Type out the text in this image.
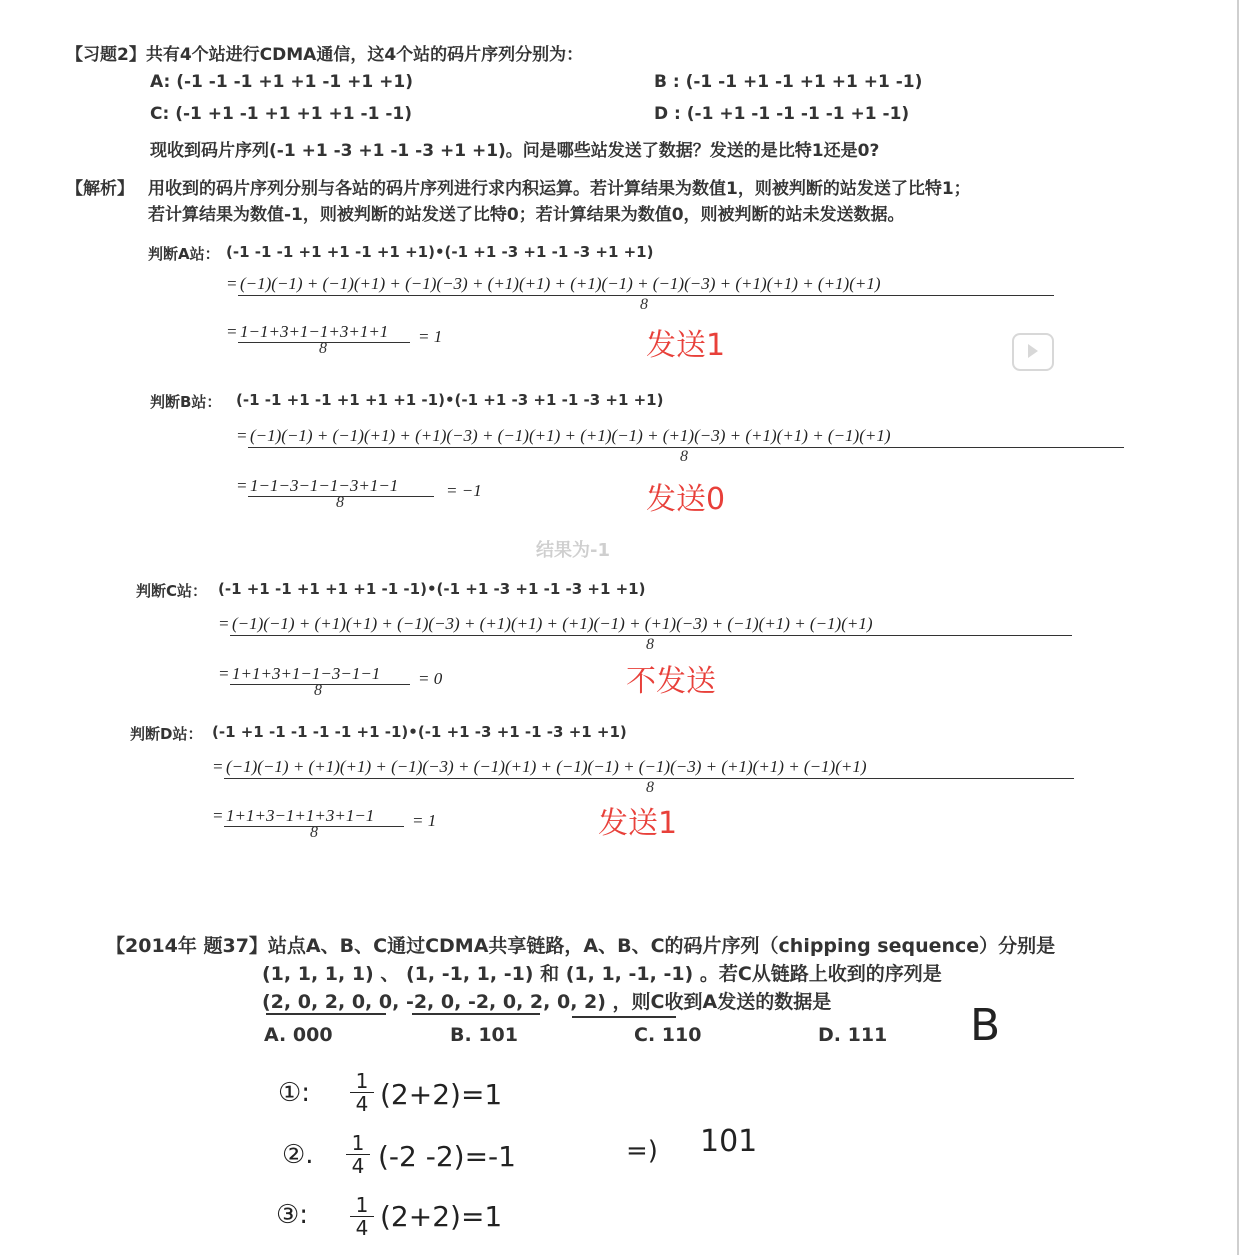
【习题2】共有4个站进行CDMA通信，这4个站的码片序列分别为：
A: (-1 -1 -1 +1 +1 -1 +1 +1)	B : (-1 -1 +1 -1 +1 +1 +1 -1)
C: (-1 +1 -1 +1 +1 +1 -1 -1)	D : (-1 +1 -1 -1 -1 -1 +1 -1)
现收到码片序列(-1 +1 -3 +1 -1 -3 +1 +1)。问是哪些站发送了数据？发送的是比特1还是0?
【解析】 用收到的码片序列分别与各站的码片序列进行求内积运算。若计算结果为数值1，则被判断的站发送了比特1；
若计算结果为数值-1，则被判断的站发送了比特0；若计算结果为数值0，则被判断的站未发送数据。
判断A站： (-1 -1 -1 +1 +1 -1 +1 +1)•(-1 +1 -3 +1 -1 -3 +1 +1)
= (−1)(−1) + (−1)(+1) + (−1)(−3) + (+1)(+1) + (+1)(−1) + (−1)(−3) + (+1)(+1) + (+1)(+1)
8
= 1−1+3+1−1+3+1+1
8
= 1	发送1
判断B站： (-1 -1 +1 -1 +1 +1 +1 -1)•(-1 +1 -3 +1 -1 -3 +1 +1)
= (−1)(−1) + (−1)(+1) + (+1)(−3) + (−1)(+1) + (+1)(−1) + (+1)(−3) + (+1)(+1) + (−1)(+1)
8
= 1−1−3−1−1−3+1−1
8
= −1	发送0
结果为-1
判断C站： (-1 +1 -1 +1 +1 +1 -1 -1)•(-1 +1 -3 +1 -1 -3 +1 +1)
= (−1)(−1) + (+1)(+1) + (−1)(−3) + (+1)(+1) + (+1)(−1) + (+1)(−3) + (−1)(+1) + (−1)(+1)
8
= 1+1+3+1−1−3−1−1
8
= 0	不发送
判断D站： (-1 +1 -1 -1 -1 -1 +1 -1)•(-1 +1 -3 +1 -1 -3 +1 +1)
= (−1)(−1) + (+1)(+1) + (−1)(−3) + (−1)(+1) + (−1)(−1) + (−1)(−3) + (+1)(+1) + (−1)(+1)
8
= 1+1+3−1+1+3+1−1
8
= 1	发送1
【2014年 题37】站点A、B、C通过CDMA共享链路，A、B、C的码片序列（chipping sequence）分别是
(1, 1, 1, 1) 、 (1, -1, 1, -1) 和 (1, 1, -1, -1) 。若C从链路上收到的序列是
(2, 0, 2, 0, 0, -2, 0, -2, 0, 2, 0, 2) ，则C收到A发送的数据是
A. 000	B. 101	C. 110	D. 111 B
①: $\frac{1}{4} (2+2)=1$
②. $\frac{1}{4} (-2$ -2)=-1	=) 101
③: $\frac{1}{4} (2+2)=1$
